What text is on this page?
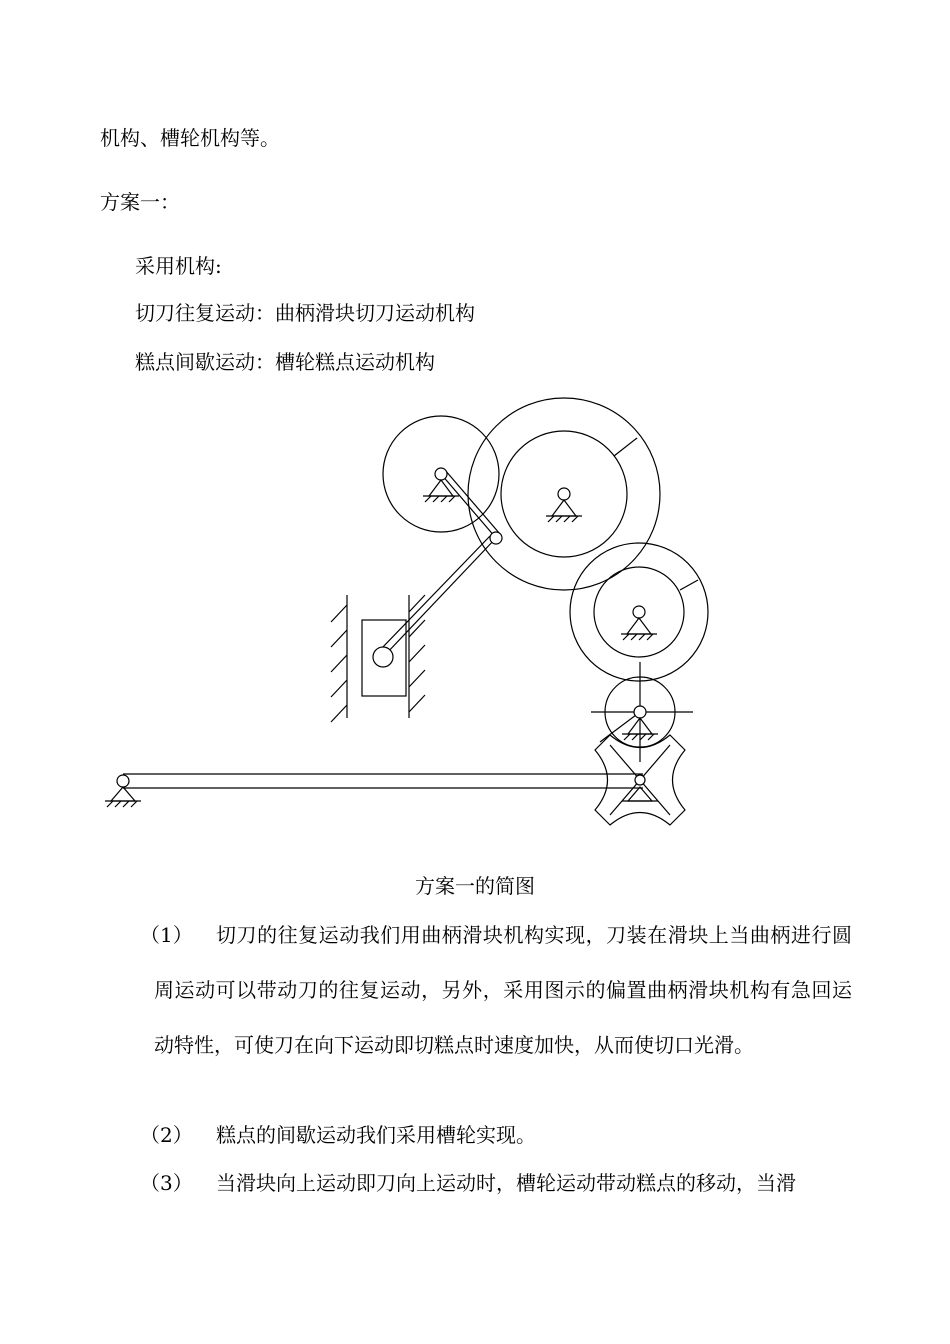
机构、槽轮机构等。
方案一：
采用机构:
切刀往复运动：曲柄滑块切刀运动机构
糕点间歇运动：槽轮糕点运动机构
方案一的简图
（1）	切刀的往复运动我们用曲柄滑块机构实现，刀装在滑块上当曲柄进行圆周运动可以带动刀的往复运动，另外，采用图示的偏置曲柄滑块机构有急回运动特性，可使刀在向下运动即切糕点时速度加快，从而使切口光滑。
（2）	糕点的间歇运动我们采用槽轮实现。
（3）	当滑块向上运动即刀向上运动时，槽轮运动带动糕点的移动，当滑
